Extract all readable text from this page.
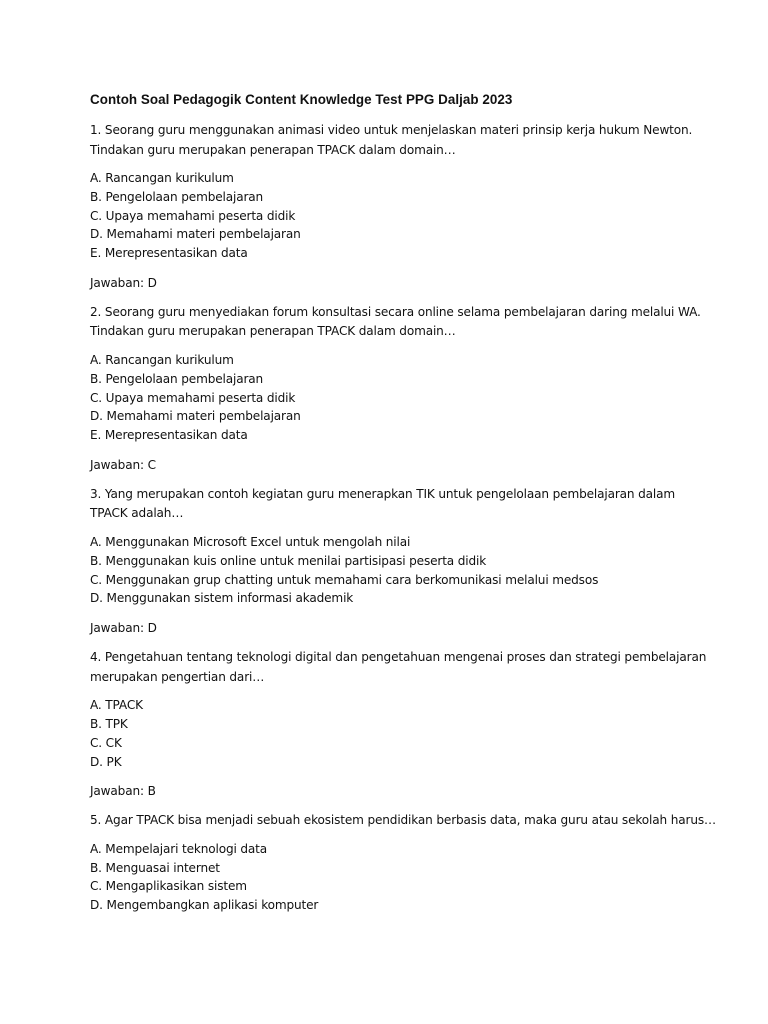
Contoh Soal Pedagogik Content Knowledge Test PPG Daljab 2023
1. Seorang guru menggunakan animasi video untuk menjelaskan materi prinsip kerja hukum Newton.
Tindakan guru merupakan penerapan TPACK dalam domain…
A. Rancangan kurikulum
B. Pengelolaan pembelajaran
C. Upaya memahami peserta didik
D. Memahami materi pembelajaran
E. Merepresentasikan data
Jawaban: D
2. Seorang guru menyediakan forum konsultasi secara online selama pembelajaran daring melalui WA.
Tindakan guru merupakan penerapan TPACK dalam domain…
A. Rancangan kurikulum
B. Pengelolaan pembelajaran
C. Upaya memahami peserta didik
D. Memahami materi pembelajaran
E. Merepresentasikan data
Jawaban: C
3. Yang merupakan contoh kegiatan guru menerapkan TIK untuk pengelolaan pembelajaran dalam
TPACK adalah…
A. Menggunakan Microsoft Excel untuk mengolah nilai
B. Menggunakan kuis online untuk menilai partisipasi peserta didik
C. Menggunakan grup chatting untuk memahami cara berkomunikasi melalui medsos
D. Menggunakan sistem informasi akademik
Jawaban: D
4. Pengetahuan tentang teknologi digital dan pengetahuan mengenai proses dan strategi pembelajaran
merupakan pengertian dari…
A. TPACK
B. TPK
C. CK
D. PK
Jawaban: B
5. Agar TPACK bisa menjadi sebuah ekosistem pendidikan berbasis data, maka guru atau sekolah harus…
A. Mempelajari teknologi data
B. Menguasai internet
C. Mengaplikasikan sistem
D. Mengembangkan aplikasi komputer
